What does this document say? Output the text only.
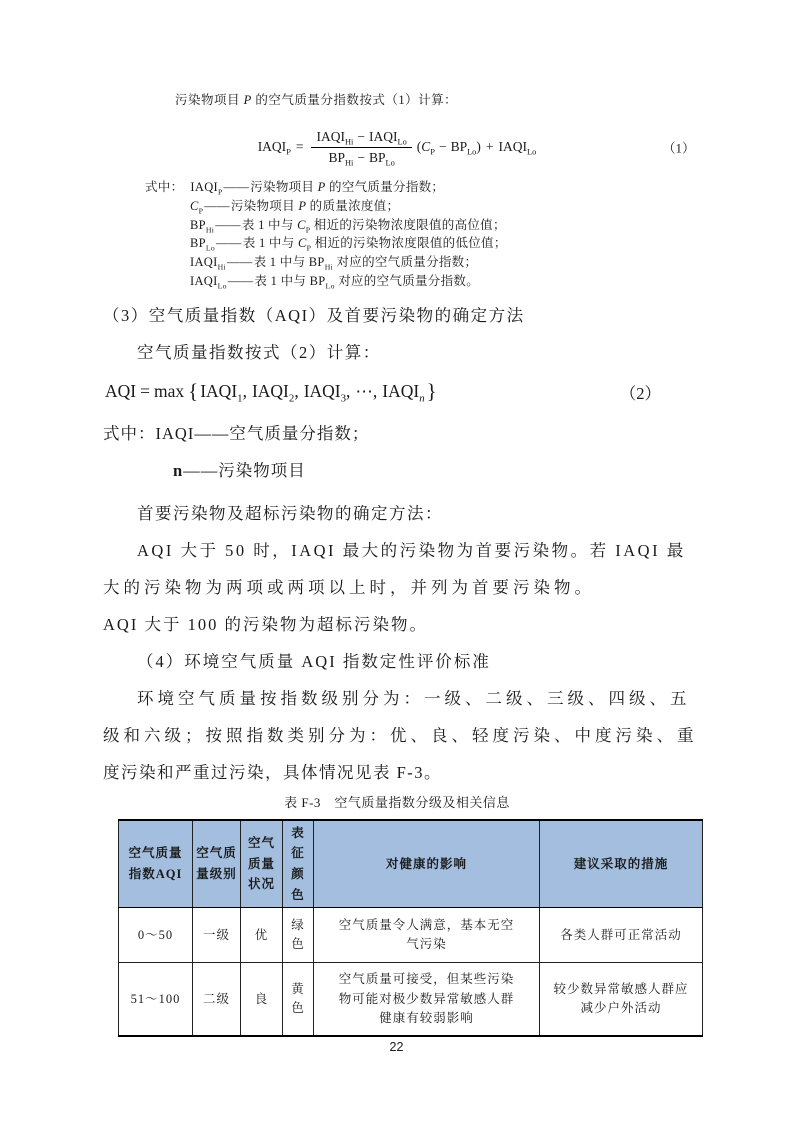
污染物项目 P 的空气质量分指数按式（1）计算：
$IAQI_P = \frac{IAQI_{Hi} - IAQI_{Lo}}{BP_{Hi} - BP_{Lo}} (C_P - BP_{Lo})$ + $IAQI_{Lo}$	（1）
式中： $IAQI_P——$污染物项目 P 的空气质量分指数；
$C_P——$污染物项目 P 的质量浓度值；
$BP_{Hi}——$表 1 中与 $C_P$ 相近的污染物浓度限值的高位值；
$BP_{Lo}——$表 1 中与 $C_P$ 相近的污染物浓度限值的低位值；
$IAQI_{Hi}——$表 1 中与 $BP_{Hi}$ 对应的空气质量分指数；
$IAQI_{Lo}——$表 1 中与 $BP_{Lo}$ 对应的空气质量分指数。
（3）空气质量指数（AQI）及首要污染物的确定方法
空气质量指数按式（2）计算：
AQI = max { $IAQI_1$ , $IAQI_2$ , $IAQI_3$ , ⋯ , $IAQI_n$ }	（2）
式中：IAQI——空气质量分指数；
n——污染物项目
首要污染物及超标污染物的确定方法：
AQI 大于 50 时，IAQI 最大的污染物为首要污染物。若 IAQI 最
大的污染物为两项或两项以上时，并列为首要污染物。
AQI 大于 100 的污染物为超标污染物。
（4）环境空气质量 AQI 指数定性评价标准
环境空气质量按指数级别分为：一级、二级、三级、四级、五
级和六级；按照指数类别分为：优、良、轻度污染、中度污染、重
度污染和严重过污染，具体情况见表 F-3。
表 F-3　空气质量指数分级及相关信息
空气质量指数AQI	空气质量级别	空气质量状况	表征颜色	对健康的影响	建议采取的措施
0～50	一级	优	绿色	空气质量令人满意，基本无空气污染	各类人群可正常活动
51～100	二级	良	黄色	空气质量可接受，但某些污染物可能对极少数异常敏感人群健康有较弱影响	较少数异常敏感人群应减少户外活动
22
